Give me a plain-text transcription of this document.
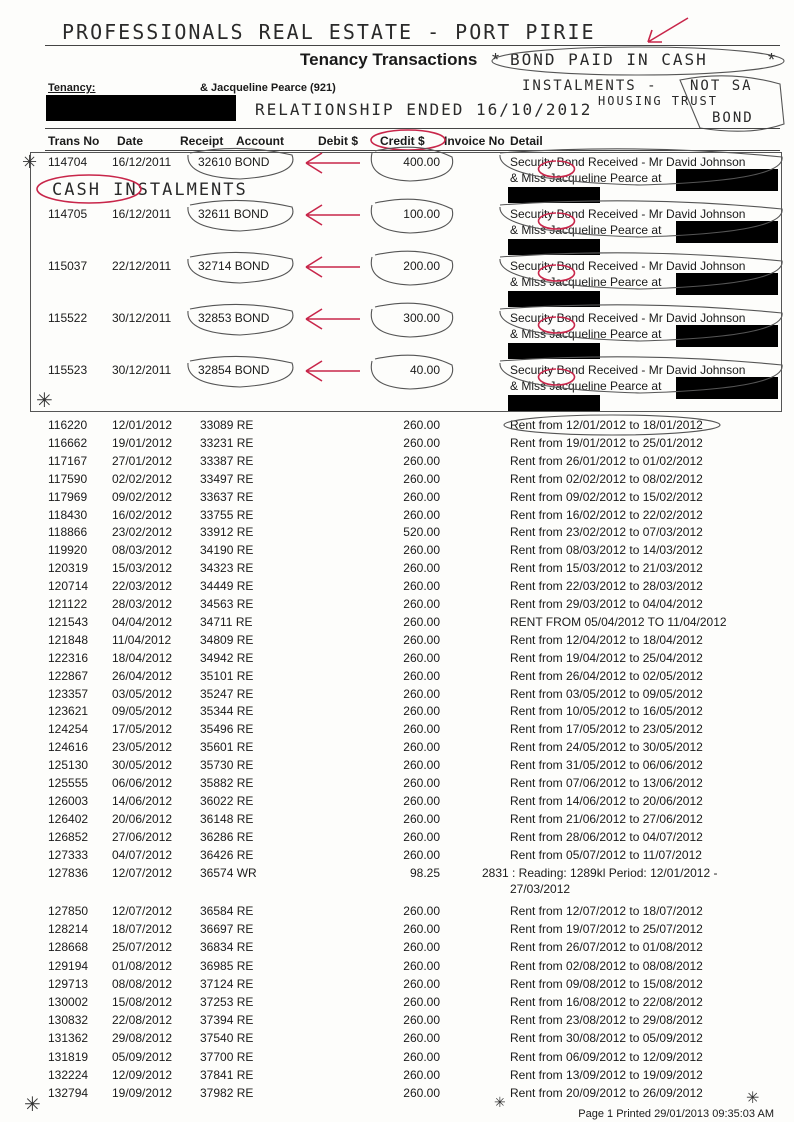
PROFESSIONALS REAL ESTATE - PORT PIRIE
Tenancy Transactions BOND PAID IN CASH
*	*
Tenancy:	& Jacqueline Pearce (921)	INSTALMENTS - NOT SA
HOUSING TRUST
BOND
RELATIONSHIP ENDED 16/10/2012
Trans No Date	Receipt Account	Debit $ Credit $ Invoice No Detail
CASH INSTALMENTS
✳
114704 16/12/2011 32610 BOND	400.00	Security Bond Received - Mr David Johnson
& Miss Jacqueline Pearce at
114705 16/12/2011 32611 BOND	100.00	Security Bond Received - Mr David Johnson
& Miss Jacqueline Pearce at
115037 22/12/2011 32714 BOND	200.00	Security Bond Received - Mr David Johnson
& Miss Jacqueline Pearce at
115522 30/12/2011 32853 BOND	300.00	Security Bond Received - Mr David Johnson
& Miss Jacqueline Pearce at
115523 30/12/2011 32854 BOND	40.00	Security Bond Received - Mr David Johnson
& Miss Jacqueline Pearce at
✳
116220 12/01/2012 33089 RE	260.00	Rent from 12/01/2012 to 18/01/2012
116662 19/01/2012 33231 RE	260.00	Rent from 19/01/2012 to 25/01/2012
117167 27/01/2012 33387 RE	260.00	Rent from 26/01/2012 to 01/02/2012
117590 02/02/2012 33497 RE	260.00	Rent from 02/02/2012 to 08/02/2012
117969 09/02/2012 33637 RE	260.00	Rent from 09/02/2012 to 15/02/2012
118430 16/02/2012 33755 RE	260.00	Rent from 16/02/2012 to 22/02/2012
118866 23/02/2012 33912 RE	520.00	Rent from 23/02/2012 to 07/03/2012
119920 08/03/2012 34190 RE	260.00	Rent from 08/03/2012 to 14/03/2012
120319 15/03/2012 34323 RE	260.00	Rent from 15/03/2012 to 21/03/2012
120714 22/03/2012 34449 RE	260.00	Rent from 22/03/2012 to 28/03/2012
121122 28/03/2012 34563 RE	260.00	Rent from 29/03/2012 to 04/04/2012
121543 04/04/2012 34711 RE	260.00	RENT FROM 05/04/2012 TO 11/04/2012
121848 11/04/2012 34809 RE	260.00	Rent from 12/04/2012 to 18/04/2012
122316 18/04/2012 34942 RE	260.00	Rent from 19/04/2012 to 25/04/2012
122867 26/04/2012 35101 RE	260.00	Rent from 26/04/2012 to 02/05/2012
123357 03/05/2012 35247 RE	260.00	Rent from 03/05/2012 to 09/05/2012
123621 09/05/2012 35344 RE	260.00	Rent from 10/05/2012 to 16/05/2012
124254 17/05/2012 35496 RE	260.00	Rent from 17/05/2012 to 23/05/2012
124616 23/05/2012 35601 RE	260.00	Rent from 24/05/2012 to 30/05/2012
125130 30/05/2012 35730 RE	260.00	Rent from 31/05/2012 to 06/06/2012
125555 06/06/2012 35882 RE	260.00	Rent from 07/06/2012 to 13/06/2012
126003 14/06/2012 36022 RE	260.00	Rent from 14/06/2012 to 20/06/2012
126402 20/06/2012 36148 RE	260.00	Rent from 21/06/2012 to 27/06/2012
126852 27/06/2012 36286 RE	260.00	Rent from 28/06/2012 to 04/07/2012
127333 04/07/2012 36426 RE	260.00	Rent from 05/07/2012 to 11/07/2012
127836 12/07/2012 36574 WR	98.25	2831 : Reading: 1289kl Period: 12/01/2012 -
27/03/2012
127850 12/07/2012 36584 RE	260.00	Rent from 12/07/2012 to 18/07/2012
128214 18/07/2012 36697 RE	260.00	Rent from 19/07/2012 to 25/07/2012
128668 25/07/2012 36834 RE	260.00	Rent from 26/07/2012 to 01/08/2012
129194 01/08/2012 36985 RE	260.00	Rent from 02/08/2012 to 08/08/2012
129713 08/08/2012 37124 RE	260.00	Rent from 09/08/2012 to 15/08/2012
130002 15/08/2012 37253 RE	260.00	Rent from 16/08/2012 to 22/08/2012
130832 22/08/2012 37394 RE	260.00	Rent from 23/08/2012 to 29/08/2012
131362 29/08/2012 37540 RE	260.00	Rent from 30/08/2012 to 05/09/2012
131819 05/09/2012 37700 RE	260.00	Rent from 06/09/2012 to 12/09/2012
132224 12/09/2012 37841 RE	260.00	Rent from 13/09/2012 to 19/09/2012
132794 19/09/2012 37982 RE	260.00	Rent from 20/09/2012 to 26/09/2012
✳	✳	✳
Page 1 Printed 29/01/2013 09:35:03 AM
